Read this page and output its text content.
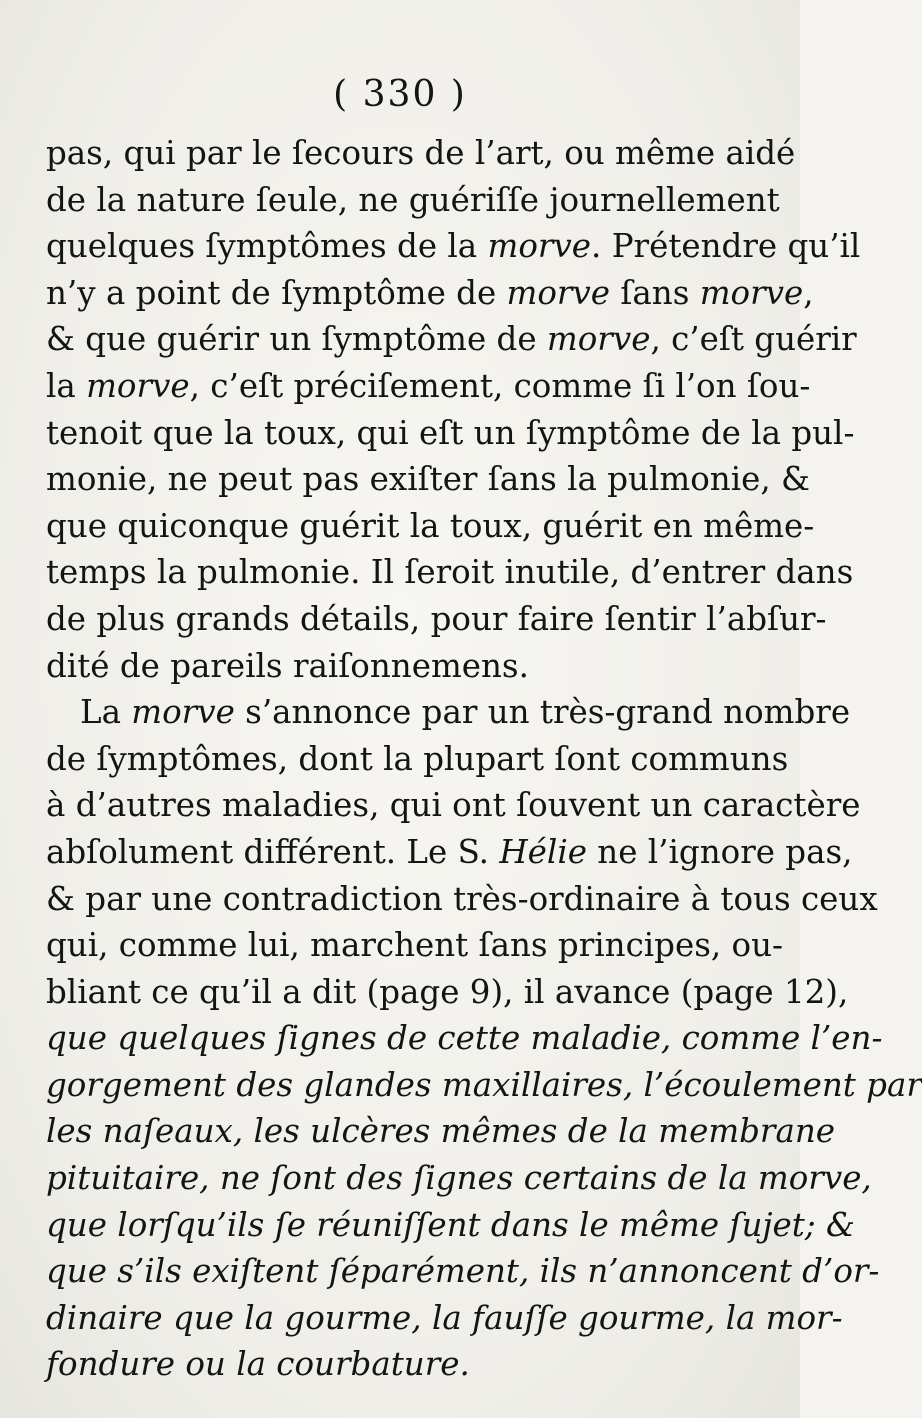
( 330 )
pas, qui par le ſecours de l’art, ou même aidé
de la nature ſeule, ne guériſſe journellement
quelques ſymptômes de la morve. Prétendre qu’il
n’y a point de ſymptôme de morve ſans morve,
& que guérir un ſymptôme de morve, c’eſt guérir
la morve, c’eſt préciſement, comme ſi l’on ſou-
tenoit que la toux, qui eſt un ſymptôme de la pul-
monie, ne peut pas exiſter ſans la pulmonie, &
que quiconque guérit la toux, guérit en même-
temps la pulmonie. Il ſeroit inutile, d’entrer dans
de plus grands détails, pour faire ſentir l’abſur-
dité de pareils raiſonnemens.
La morve s’annonce par un très-grand nombre
de ſymptômes, dont la plupart ſont communs
à d’autres maladies, qui ont ſouvent un caractère
abſolument différent. Le S. Hélie ne l’ignore pas,
& par une contradiction très-ordinaire à tous ceux
qui, comme lui, marchent ſans principes, ou-
bliant ce qu’il a dit (page 9), il avance (page 12),
que quelques ſignes de cette maladie, comme l’en-
gorgement des glandes maxillaires, l’écoulement par
les naſeaux, les ulcères mêmes de la membrane
pituitaire, ne ſont des ſignes certains de la morve,
que lorſqu’ils ſe réuniſſent dans le même ſujet; &
que s’ils exiſtent ſéparément, ils n’annoncent d’or-
dinaire que la gourme, la fauſſe gourme, la mor-
fondure ou la courbature.
